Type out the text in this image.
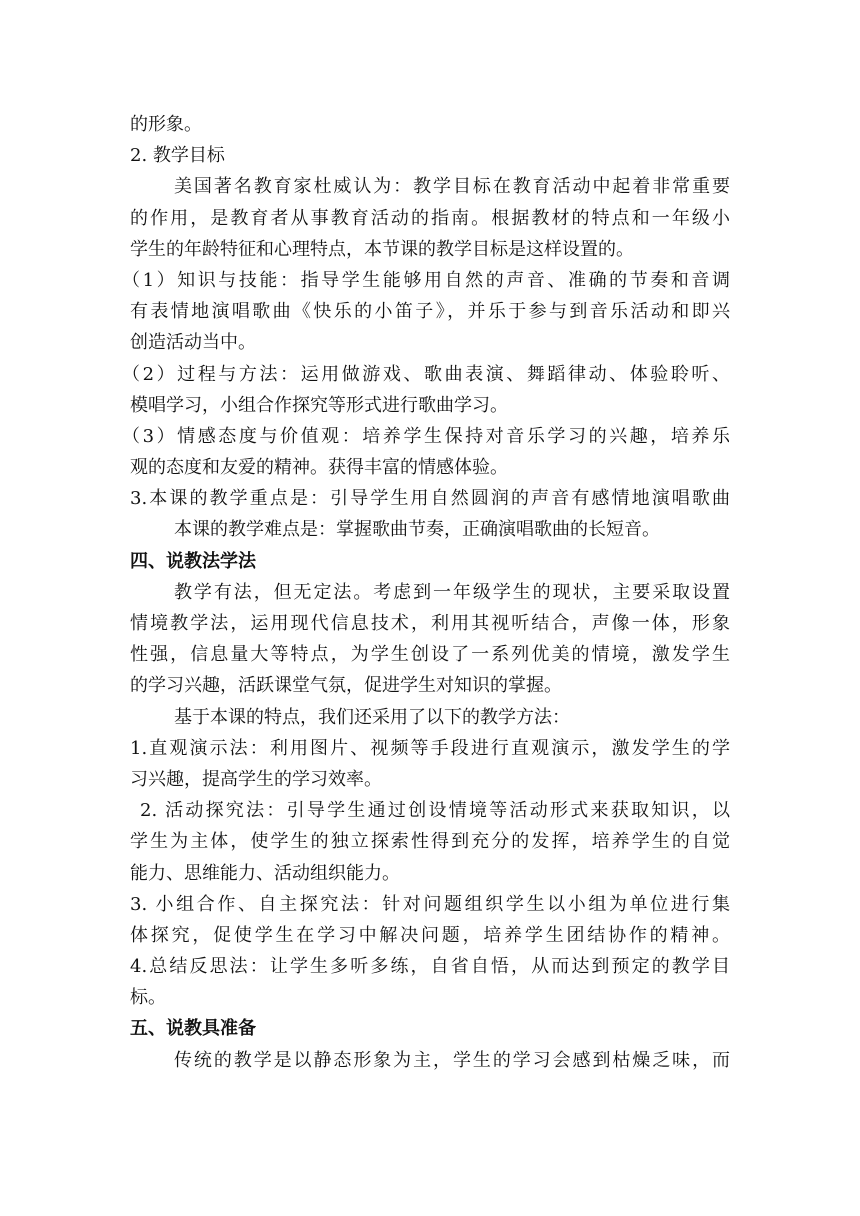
的形象。
2. 教学目标
美国著名教育家杜威认为：教学目标在教育活动中起着非常重要
的作用，是教育者从事教育活动的指南。根据教材的特点和一年级小
学生的年龄特征和心理特点，本节课的教学目标是这样设置的。
（1）知识与技能：指导学生能够用自然的声音、准确的节奏和音调
有表情地演唱歌曲《快乐的小笛子》，并乐于参与到音乐活动和即兴
创造活动当中。
（2）过程与方法：运用做游戏、歌曲表演、舞蹈律动、体验聆听、
模唱学习，小组合作探究等形式进行歌曲学习。
（3）情感态度与价值观：培养学生保持对音乐学习的兴趣，培养乐
观的态度和友爱的精神。获得丰富的情感体验。
3.本课的教学重点是：引导学生用自然圆润的声音有感情地演唱歌曲
本课的教学难点是：掌握歌曲节奏，正确演唱歌曲的长短音。
四、说教法学法
教学有法，但无定法。考虑到一年级学生的现状，主要采取设置
情境教学法，运用现代信息技术，利用其视听结合，声像一体，形象
性强，信息量大等特点，为学生创设了一系列优美的情境，激发学生
的学习兴趣，活跃课堂气氛，促进学生对知识的掌握。
基于本课的特点，我们还采用了以下的教学方法：
1.直观演示法：利用图片、视频等手段进行直观演示，激发学生的学
习兴趣，提高学生的学习效率。
2. 活动探究法：引导学生通过创设情境等活动形式来获取知识，以
学生为主体，使学生的独立探索性得到充分的发挥，培养学生的自觉
能力、思维能力、活动组织能力。
3. 小组合作、自主探究法：针对问题组织学生以小组为单位进行集
体探究，促使学生在学习中解决问题，培养学生团结协作的精神。
4.总结反思法：让学生多听多练，自省自悟，从而达到预定的教学目
标。
五、说教具准备
传统的教学是以静态形象为主，学生的学习会感到枯燥乏味，而
